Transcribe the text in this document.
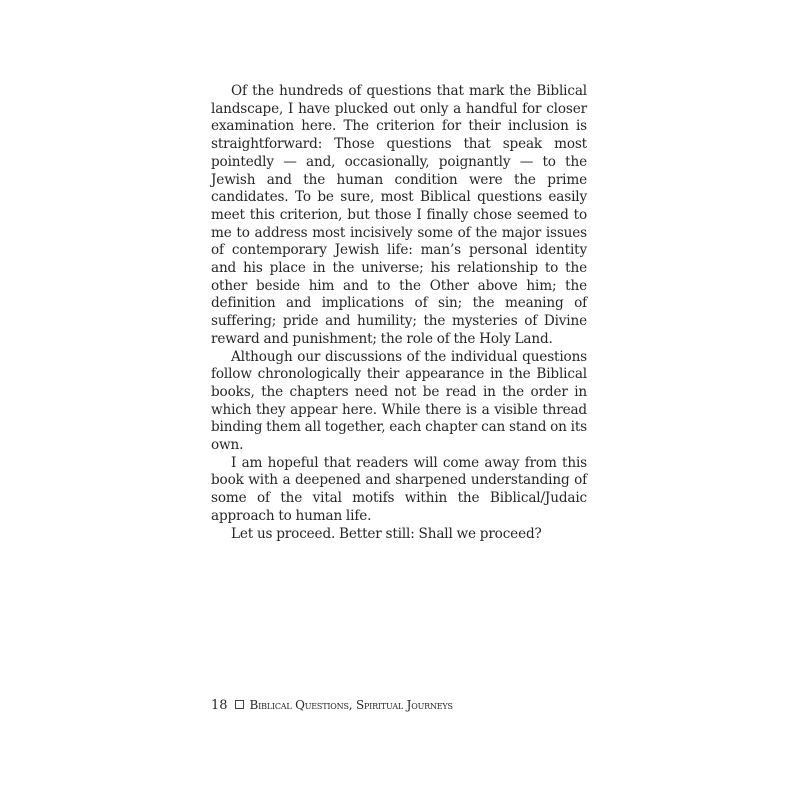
Of the hundreds of questions that mark the Biblical landscape, I have plucked out only a handful for closer examination here. The criterion for their inclusion is straightforward: Those questions that speak most pointedly — and, occasionally, poignantly — to the Jewish and the human condition were the prime candidates. To be sure, most Biblical questions easily meet this criterion, but those I finally chose seemed to me to address most incisively some of the major issues of contemporary Jewish life: man’s personal identity and his place in the universe; his relationship to the other beside him and to the Other above him; the definition and implications of sin; the meaning of suffering; pride and humility; the mysteries of Divine reward and punishment; the role of the Holy Land.

Although our discussions of the individual questions follow chronologically their appearance in the Biblical books, the chapters need not be read in the order in which they appear here. While there is a visible thread binding them all together, each chapter can stand on its own.

I am hopeful that readers will come away from this book with a deepened and sharpened understanding of some of the vital motifs within the Biblical/Judaic approach to human life.

Let us proceed. Better still: Shall we proceed?

18 Biblical Questions, Spiritual Journeys
